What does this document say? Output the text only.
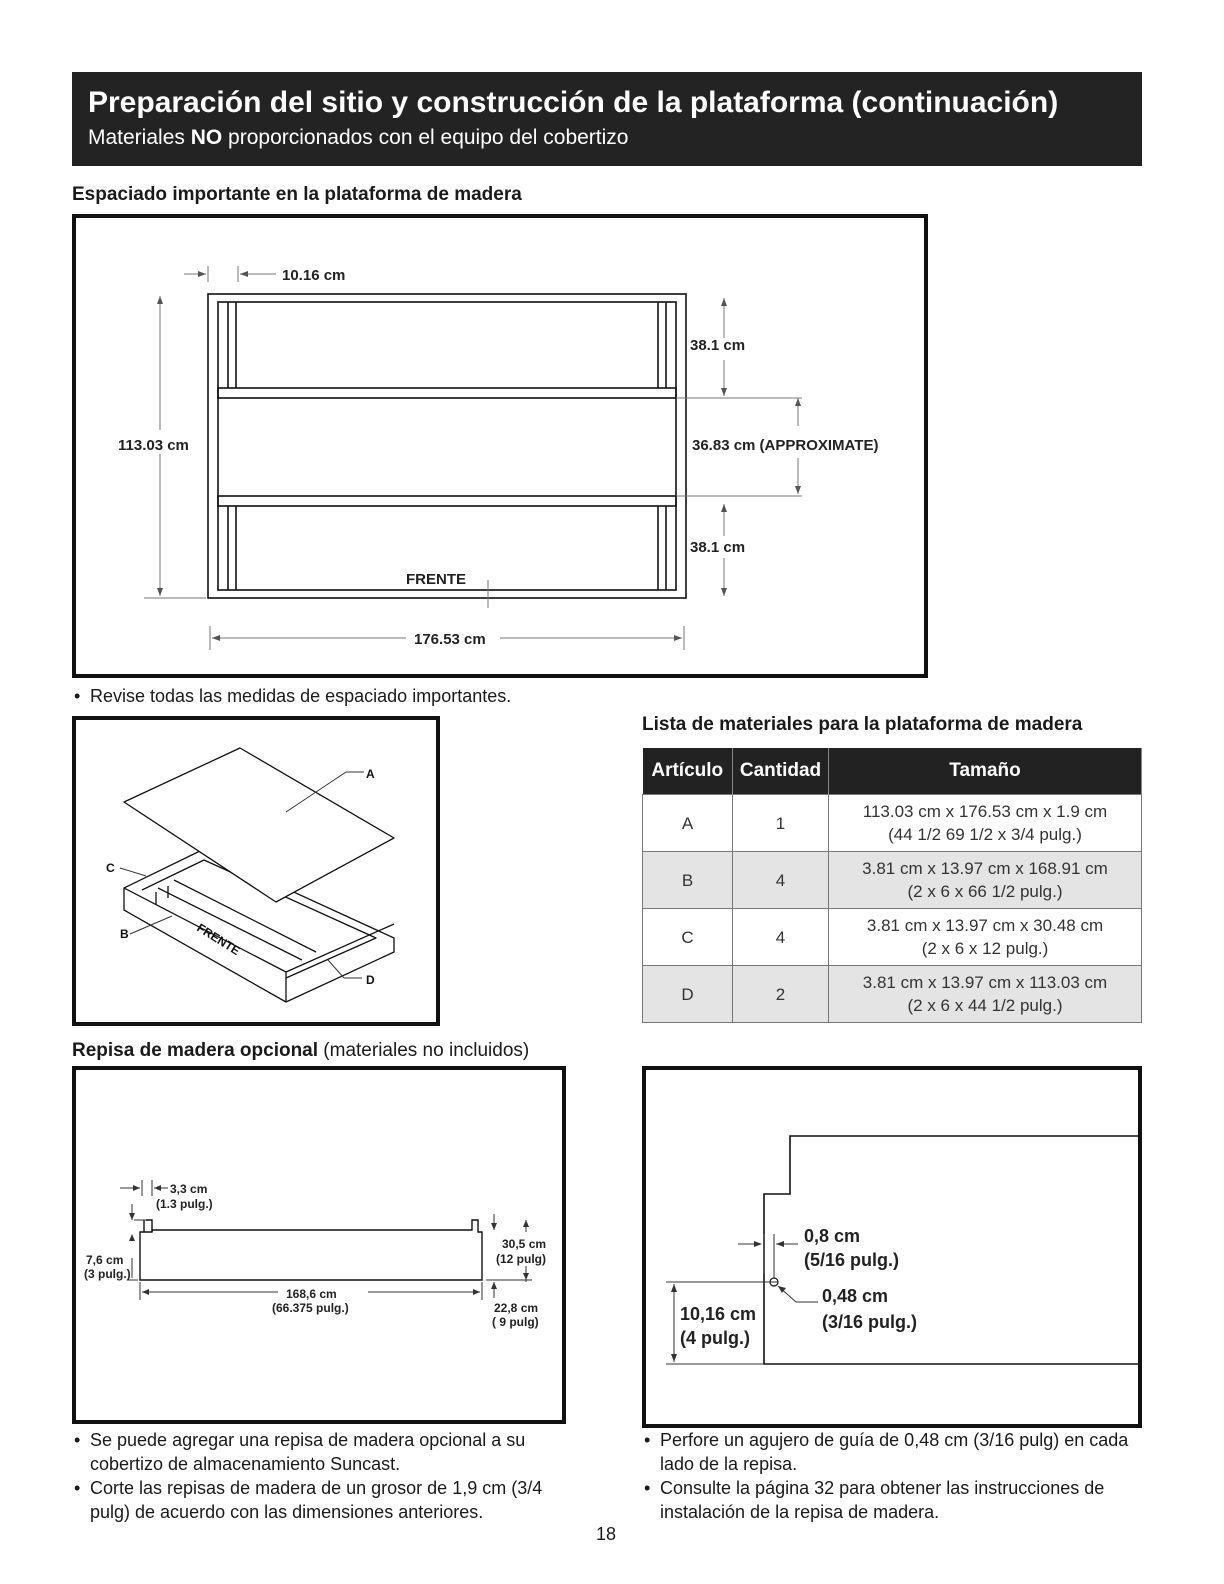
Preparación del sitio y construcción de la plataforma (continuación)
Materiales NO proporcionados con el equipo del cobertizo
Espaciado importante en la plataforma de madera
10.16 cm
113.03 cm
38.1 cm
36.83 cm (APPROXIMATE)
38.1 cm
FRENTE
176.53 cm
• Revise todas las medidas de espaciado importantes.
A
C
B
D
FRENTE
Lista de materiales para la plataforma de madera
Artículo	Cantidad	Tamaño
A	1	113.03 cm x 176.53 cm x 1.9 cm
(44 1/2 69 1/2 x 3/4 pulg.)
B	4	3.81 cm x 13.97 cm x 168.91 cm
(2 x 6 x 66 1/2 pulg.)
C	4	3.81 cm x 13.97 cm x 30.48 cm
(2 x 6 x 12 pulg.)
D	2	3.81 cm x 13.97 cm x 113.03 cm
(2 x 6 x 44 1/2 pulg.)
Repisa de madera opcional (materiales no incluidos)
3,3 cm
(1.3 pulg.)
7,6 cm
(3 pulg.)
30,5 cm
(12 pulg)
168,6 cm
(66.375 pulg.)	22,8 cm
( 9 pulg)
• Se puede agregar una repisa de madera opcional a su cobertizo de almacenamiento Suncast.
• Corte las repisas de madera de un grosor de 1,9 cm (3/4 pulg) de acuerdo con las dimensiones anteriores.
0,8 cm
(5/16 pulg.)
0,48 cm
(3/16 pulg.)
10,16 cm
(4 pulg.)
• Perfore un agujero de guía de 0,48 cm (3/16 pulg) en cada lado de la repisa.
• Consulte la página 32 para obtener las instrucciones de instalación de la repisa de madera.
18
